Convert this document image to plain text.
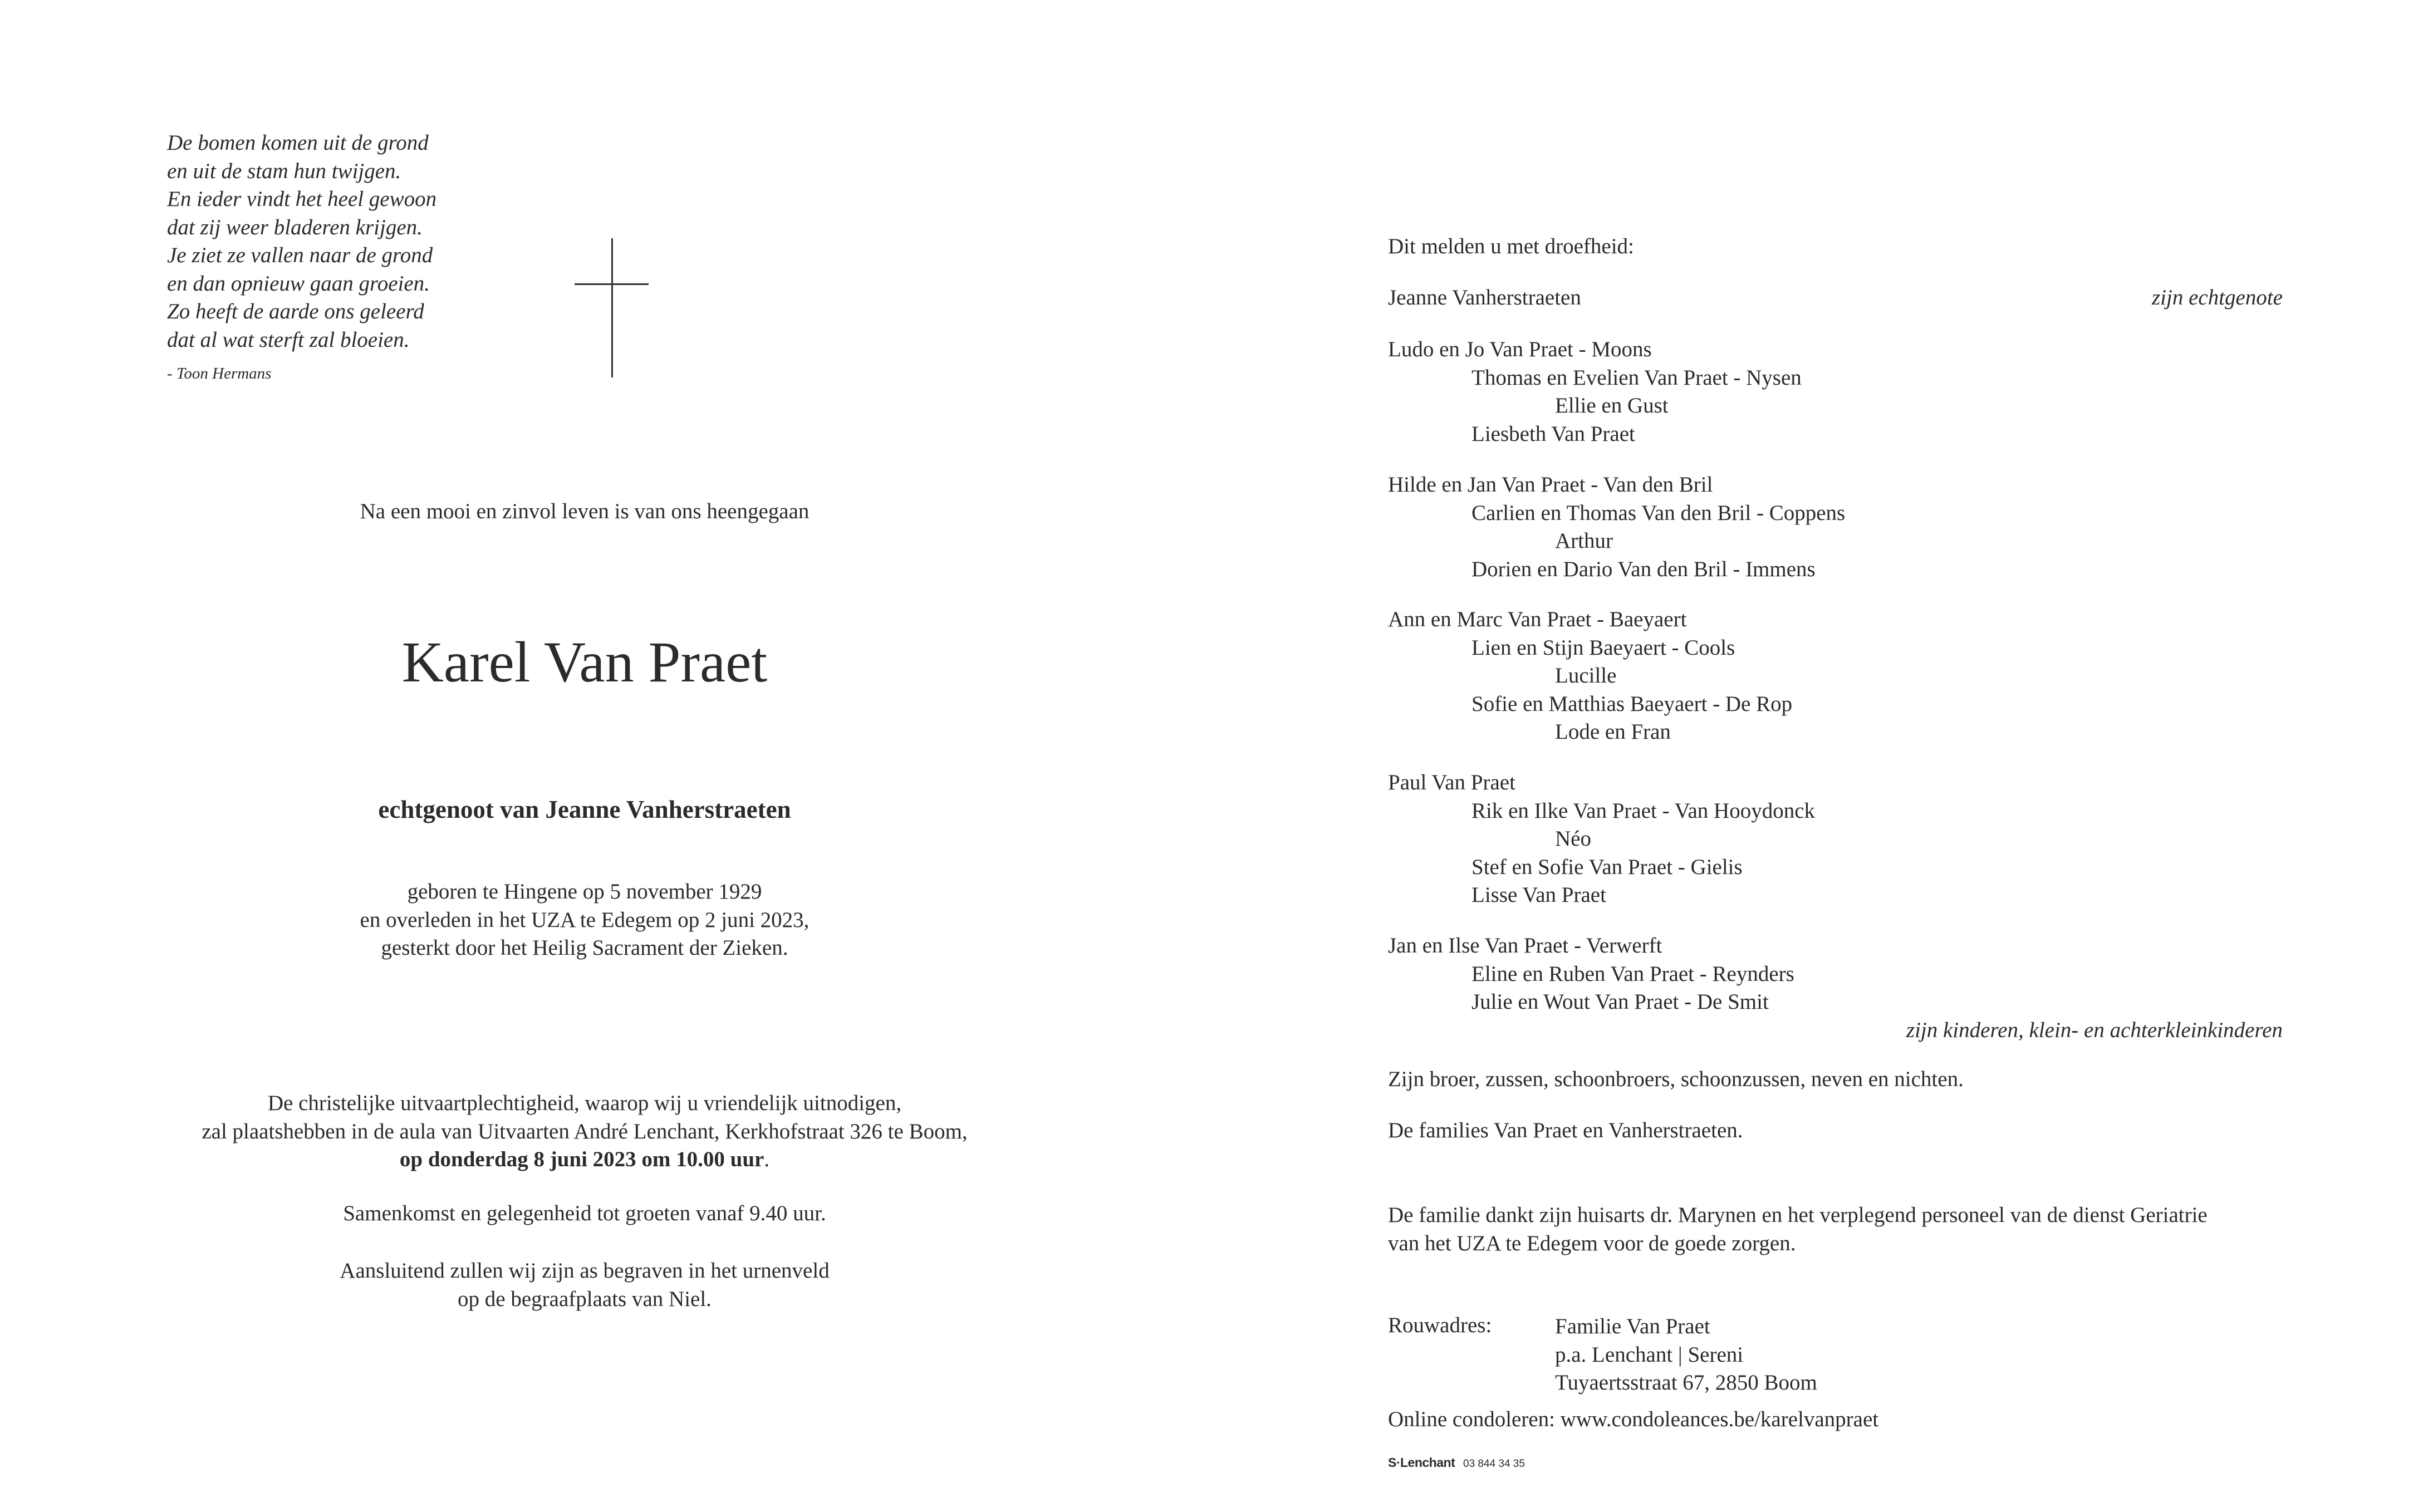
De bomen komen uit de grond
en uit de stam hun twijgen.
En ieder vindt het heel gewoon
dat zij weer bladeren krijgen.
Je ziet ze vallen naar de grond
en dan opnieuw gaan groeien.
Zo heeft de aarde ons geleerd
dat al wat sterft zal bloeien.
- Toon Hermans
Na een mooi en zinvol leven is van ons heengegaan
Karel Van Praet
echtgenoot van Jeanne Vanherstraeten
geboren te Hingene op 5 november 1929
en overleden in het UZA te Edegem op 2 juni 2023,
gesterkt door het Heilig Sacrament der Zieken.
De christelijke uitvaartplechtigheid, waarop wij u vriendelijk uitnodigen,
zal plaatshebben in de aula van Uitvaarten André Lenchant, Kerkhofstraat 326 te Boom,
op donderdag 8 juni 2023 om 10.00 uur.
Samenkomst en gelegenheid tot groeten vanaf 9.40 uur.
Aansluitend zullen wij zijn as begraven in het urnenveld
op de begraafplaats van Niel.
Dit melden u met droefheid:
Jeanne Vanherstraeten	zijn echtgenote
Ludo en Jo Van Praet - Moons
Thomas en Evelien Van Praet - Nysen
Ellie en Gust
Liesbeth Van Praet
Hilde en Jan Van Praet - Van den Bril
Carlien en Thomas Van den Bril - Coppens
Arthur
Dorien en Dario Van den Bril - Immens
Ann en Marc Van Praet - Baeyaert
Lien en Stijn Baeyaert - Cools
Lucille
Sofie en Matthias Baeyaert - De Rop
Lode en Fran
Paul Van Praet
Rik en Ilke Van Praet - Van Hooydonck
Néo
Stef en Sofie Van Praet - Gielis
Lisse Van Praet
Jan en Ilse Van Praet - Verwerft
Eline en Ruben Van Praet - Reynders
Julie en Wout Van Praet - De Smit
zijn kinderen, klein- en achterkleinkinderen
Zijn broer, zussen, schoonbroers, schoonzussen, neven en nichten.
De families Van Praet en Vanherstraeten.
De familie dankt zijn huisarts dr. Marynen en het verplegend personeel van de dienst Geriatrie
van het UZA te Edegem voor de goede zorgen.
Rouwadres:	Familie Van Praet
p.a. Lenchant | Sereni
Tuyaertsstraat 67, 2850 Boom
Online condoleren: www.condoleances.be/karelvanpraet
S·Lenchant 03 844 34 35
